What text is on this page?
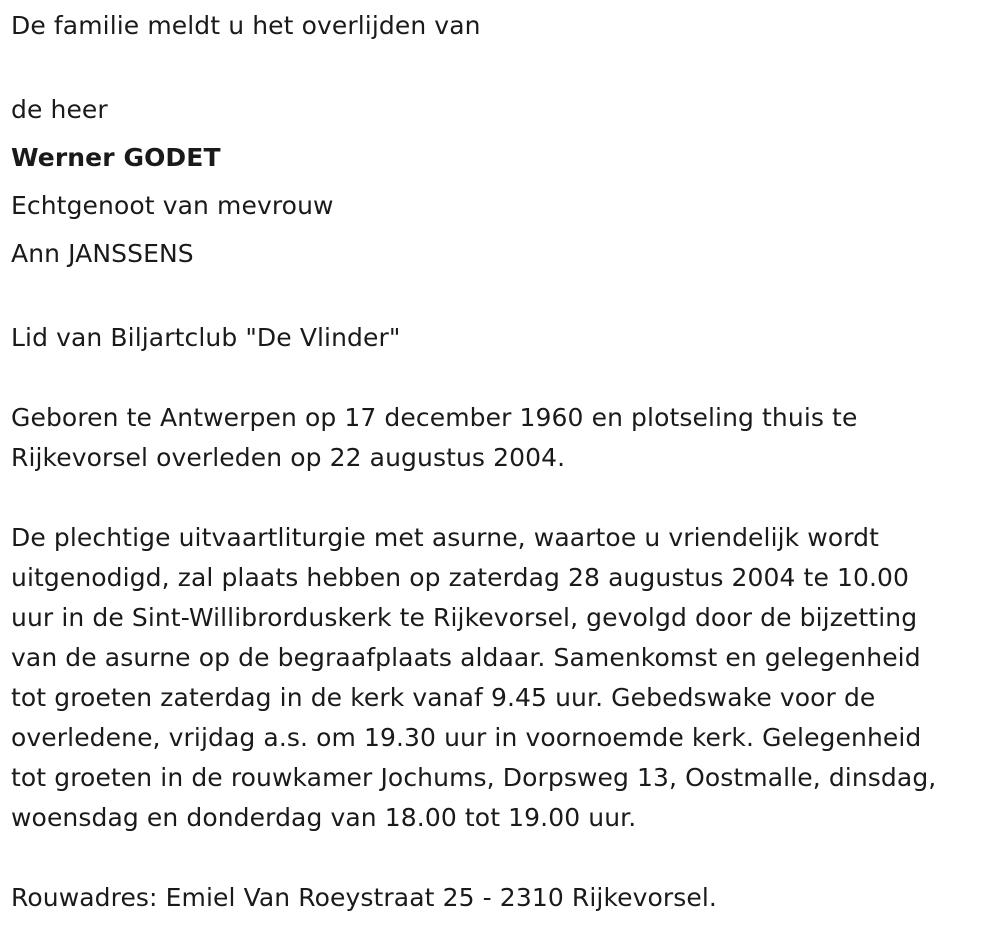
De familie meldt u het overlijden van

de heer

Werner GODET

Echtgenoot van mevrouw

Ann JANSSENS

Lid van Biljartclub "De Vlinder"

Geboren te Antwerpen op 17 december 1960 en plotseling thuis te

Rijkevorsel overleden op 22 augustus 2004.

De plechtige uitvaartliturgie met asurne, waartoe u vriendelijk wordt

uitgenodigd, zal plaats hebben op zaterdag 28 augustus 2004 te 10.00

uur in de Sint-Willibrorduskerk te Rijkevorsel, gevolgd door de bijzetting

van de asurne op de begraafplaats aldaar. Samenkomst en gelegenheid

tot groeten zaterdag in de kerk vanaf 9.45 uur. Gebedswake voor de

overledene, vrijdag a.s. om 19.30 uur in voornoemde kerk. Gelegenheid

tot groeten in de rouwkamer Jochums, Dorpsweg 13, Oostmalle, dinsdag,

woensdag en donderdag van 18.00 tot 19.00 uur.

Rouwadres: Emiel Van Roeystraat 25 - 2310 Rijkevorsel.
